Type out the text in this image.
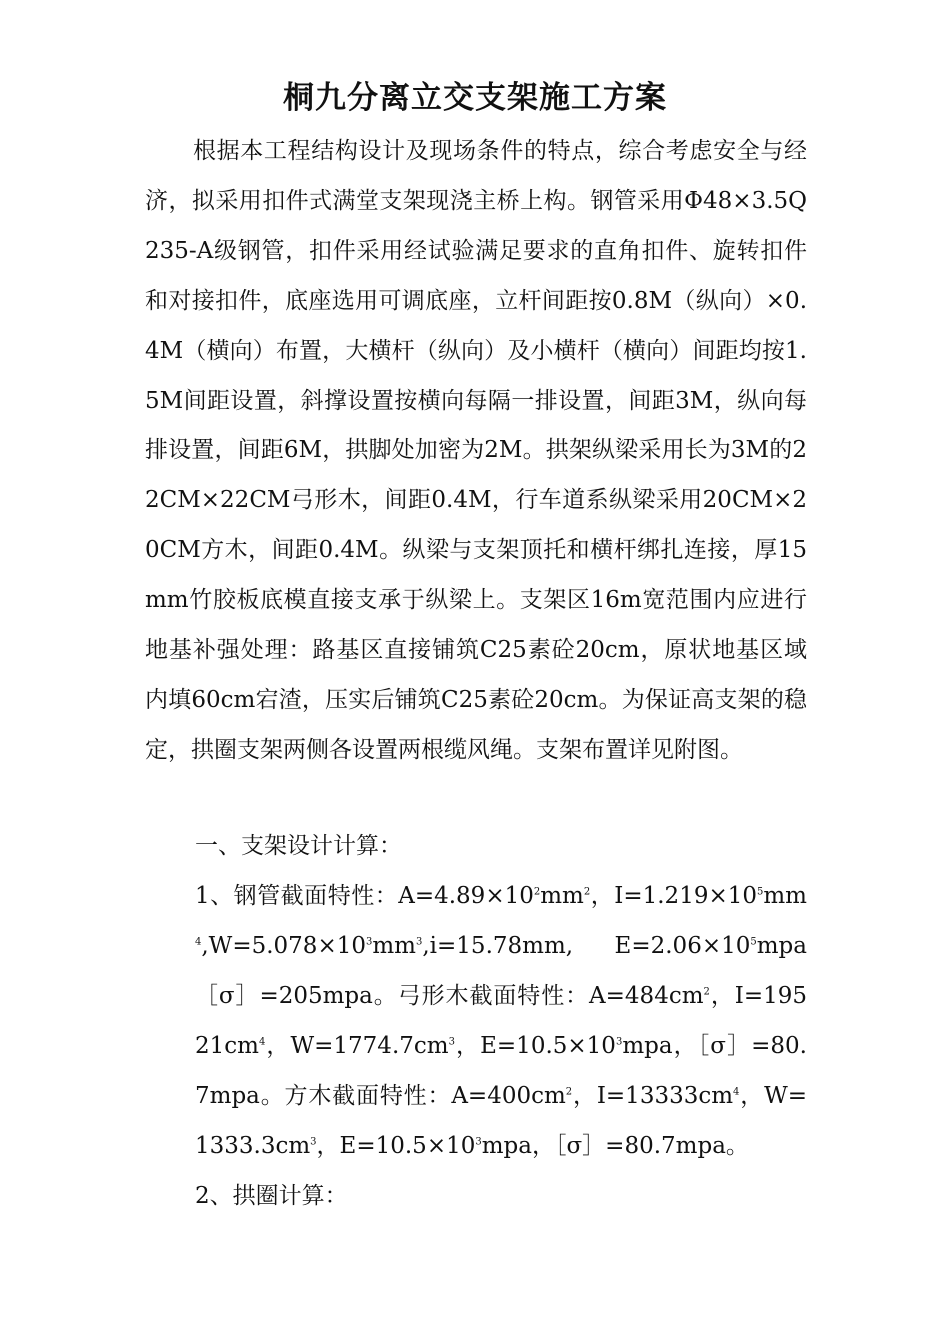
桐九分离立交支架施工方案

根据本工程结构设计及现场条件的特点，综合考虑安全与经济，拟采用扣件式满堂支架现浇主桥上构。钢管采用Φ48×3.5Q235-A级钢管，扣件采用经试验满足要求的直角扣件、旋转扣件和对接扣件，底座选用可调底座，立杆间距按0.8M（纵向）×0.4M（横向）布置，大横杆（纵向）及小横杆（横向）间距均按1.5M间距设置，斜撑设置按横向每隔一排设置，间距3M，纵向每排设置，间距6M，拱脚处加密为2M。拱架纵梁采用长为3M的22CM×22CM弓形木，间距0.4M，行车道系纵梁采用20CM×20CM方木，间距0.4M。纵梁与支架顶托和横杆绑扎连接，厚15mm竹胶板底模直接支承于纵梁上。支架区16m宽范围内应进行地基补强处理：路基区直接铺筑C25素砼20cm，原状地基区域内填60cm宕渣，压实后铺筑C25素砼20cm。为保证高支架的稳定，拱圈支架两侧各设置两根缆风绳。支架布置详见附图。

一、支架设计计算：

1、钢管截面特性：$A=4.89\times 10^2mm^2$，$I=1.219\times 10^5mm^4,W=5.078\times 10^3mm^3,i=15.78mm$, $E=2.06\times 10^5mpa[\sigma]=205mpa$。弓形木截面特性：$A=484cm^2$，$I=19521cm^4$，$W=1774.7cm^3$，$E=10.5\times 10^3mpa$，［σ］=80.7mpa。方木截面特性：$A=400cm^2$，$I=13333cm^4$，$W=1333.3cm^3$，$E=10.5\times 10^3mpa$，［σ］=80.7mpa。

2、拱圈计算：
